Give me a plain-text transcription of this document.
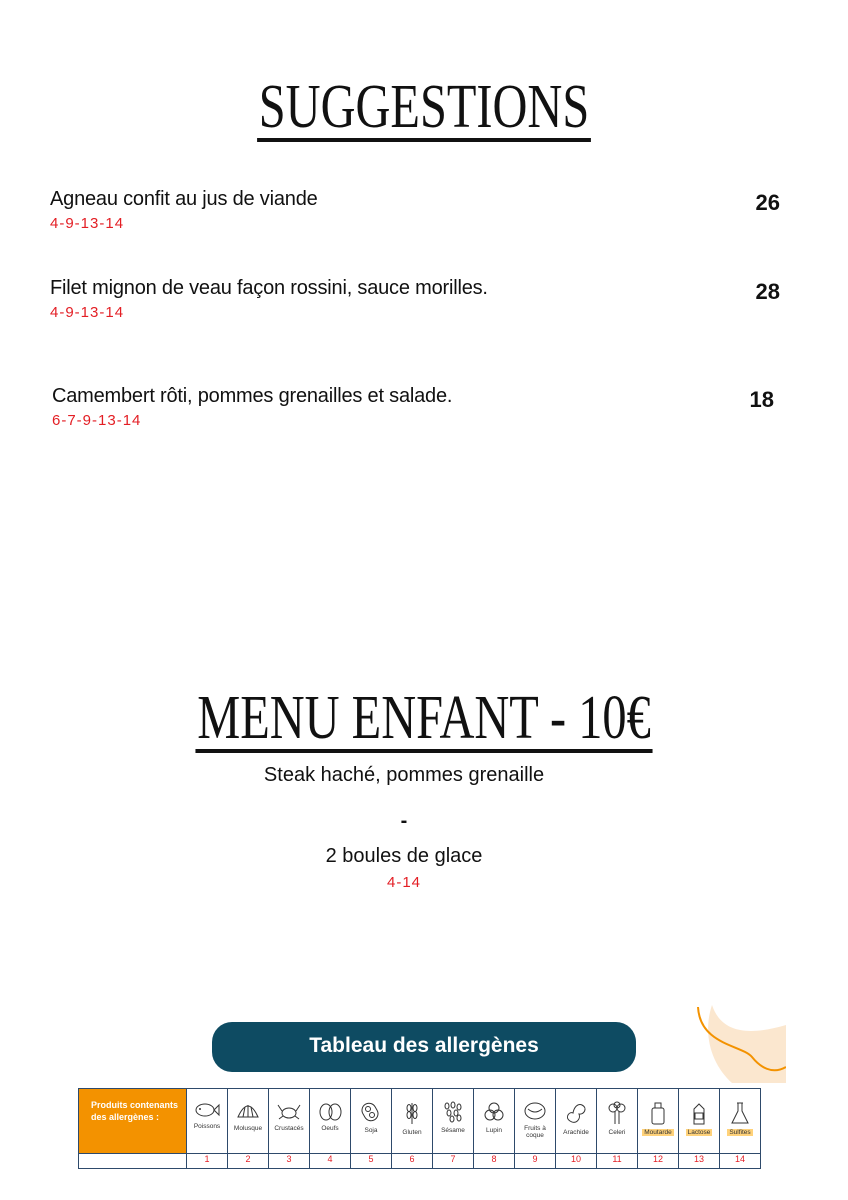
SUGGESTIONS
Agneau confit au jus de viande
4-9-13-14
26
Filet mignon de veau façon rossini, sauce morilles.
4-9-13-14
28
Camembert rôti, pommes grenailles et salade.
6-7-9-13-14
18
MENU ENFANT - 10€
Steak haché, pommes grenaille
-
2 boules de glace
4-14
Tableau des allergènes
Produits contenants des allergènes :	Poissons	Molusque	Crustacés	Oeufs	Soja	Gluten	Sésame	Lupin	Fruits à coque	Arachide	Celeri	Moutarde	Lactose	Sulfites

	1	2	3	4	5	6	7	8	9	10	11	12	13	14
